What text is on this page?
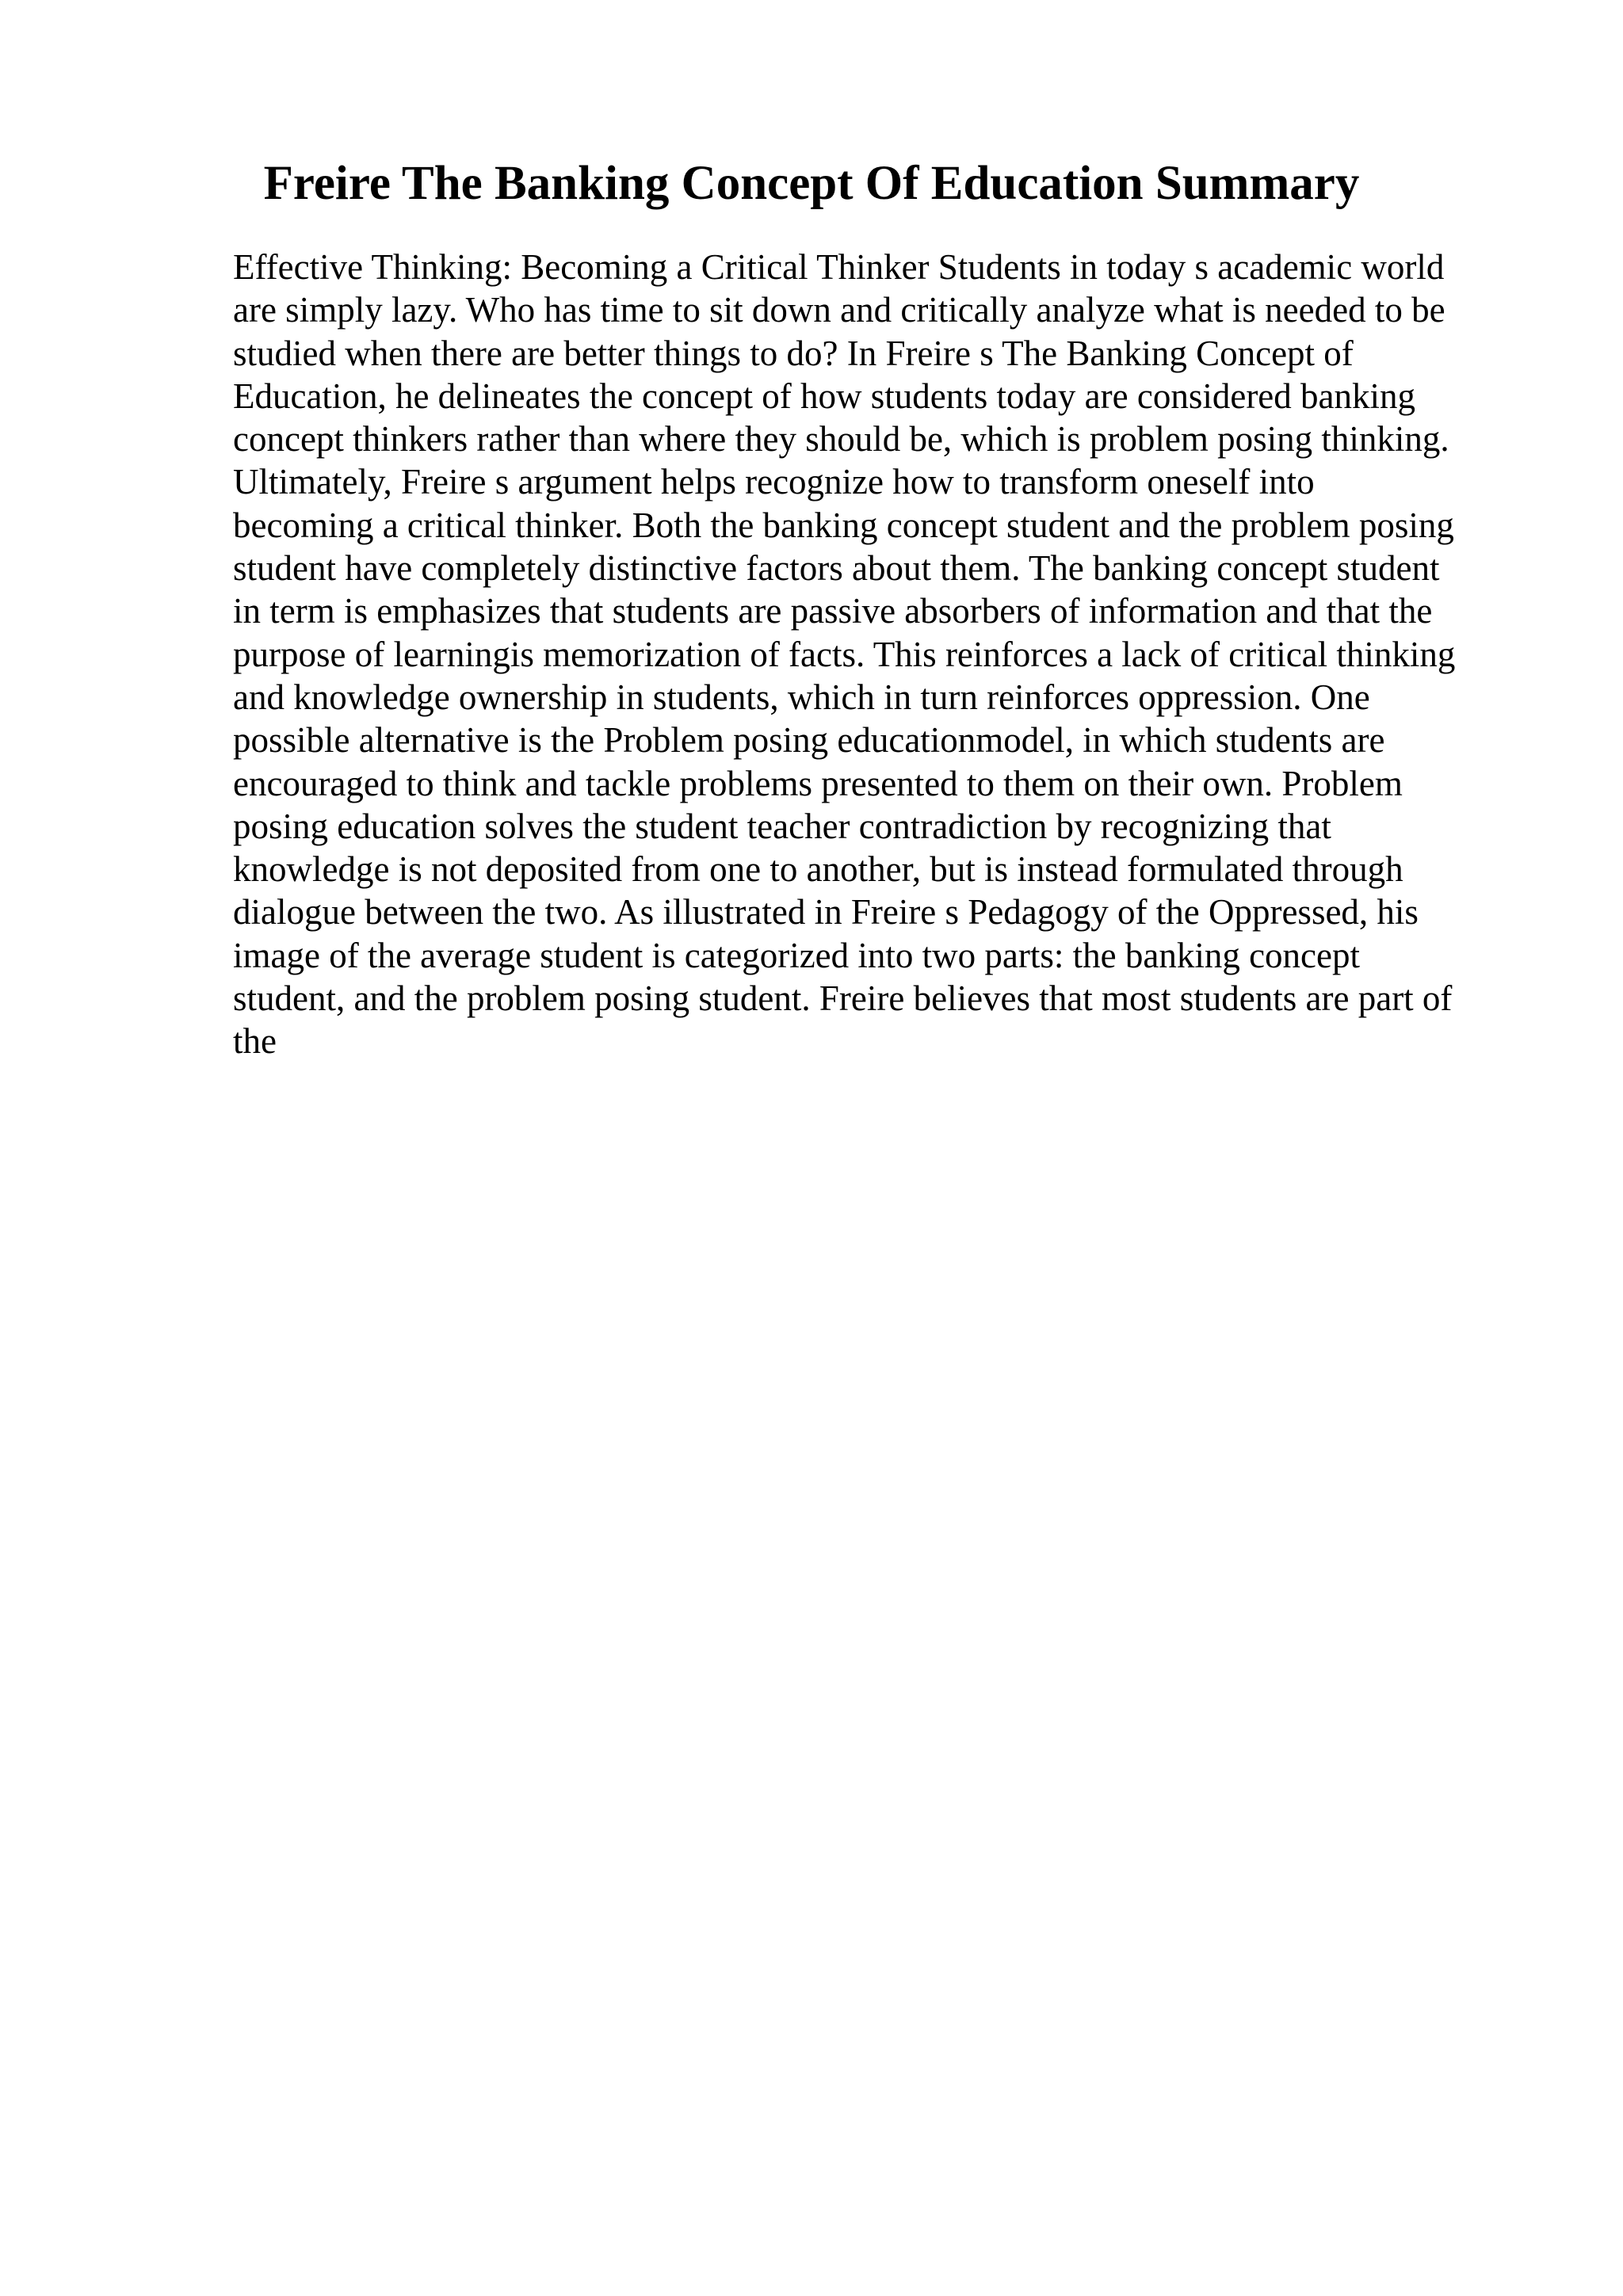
Freire The Banking Concept Of Education Summary
Effective Thinking: Becoming a Critical Thinker Students in today s academic world
are simply lazy. Who has time to sit down and critically analyze what is needed to be
studied when there are better things to do? In Freire s The Banking Concept of
Education, he delineates the concept of how students today are considered banking
concept thinkers rather than where they should be, which is problem posing thinking.
Ultimately, Freire s argument helps recognize how to transform oneself into
becoming a critical thinker. Both the banking concept student and the problem posing
student have completely distinctive factors about them. The banking concept student
in term is emphasizes that students are passive absorbers of information and that the
purpose of learningis memorization of facts. This reinforces a lack of critical thinking
and knowledge ownership in students, which in turn reinforces oppression. One
possible alternative is the Problem posing educationmodel, in which students are
encouraged to think and tackle problems presented to them on their own. Problem
posing education solves the student teacher contradiction by recognizing that
knowledge is not deposited from one to another, but is instead formulated through
dialogue between the two. As illustrated in Freire s Pedagogy of the Oppressed, his
image of the average student is categorized into two parts: the banking concept
student, and the problem posing student. Freire believes that most students are part of
the
